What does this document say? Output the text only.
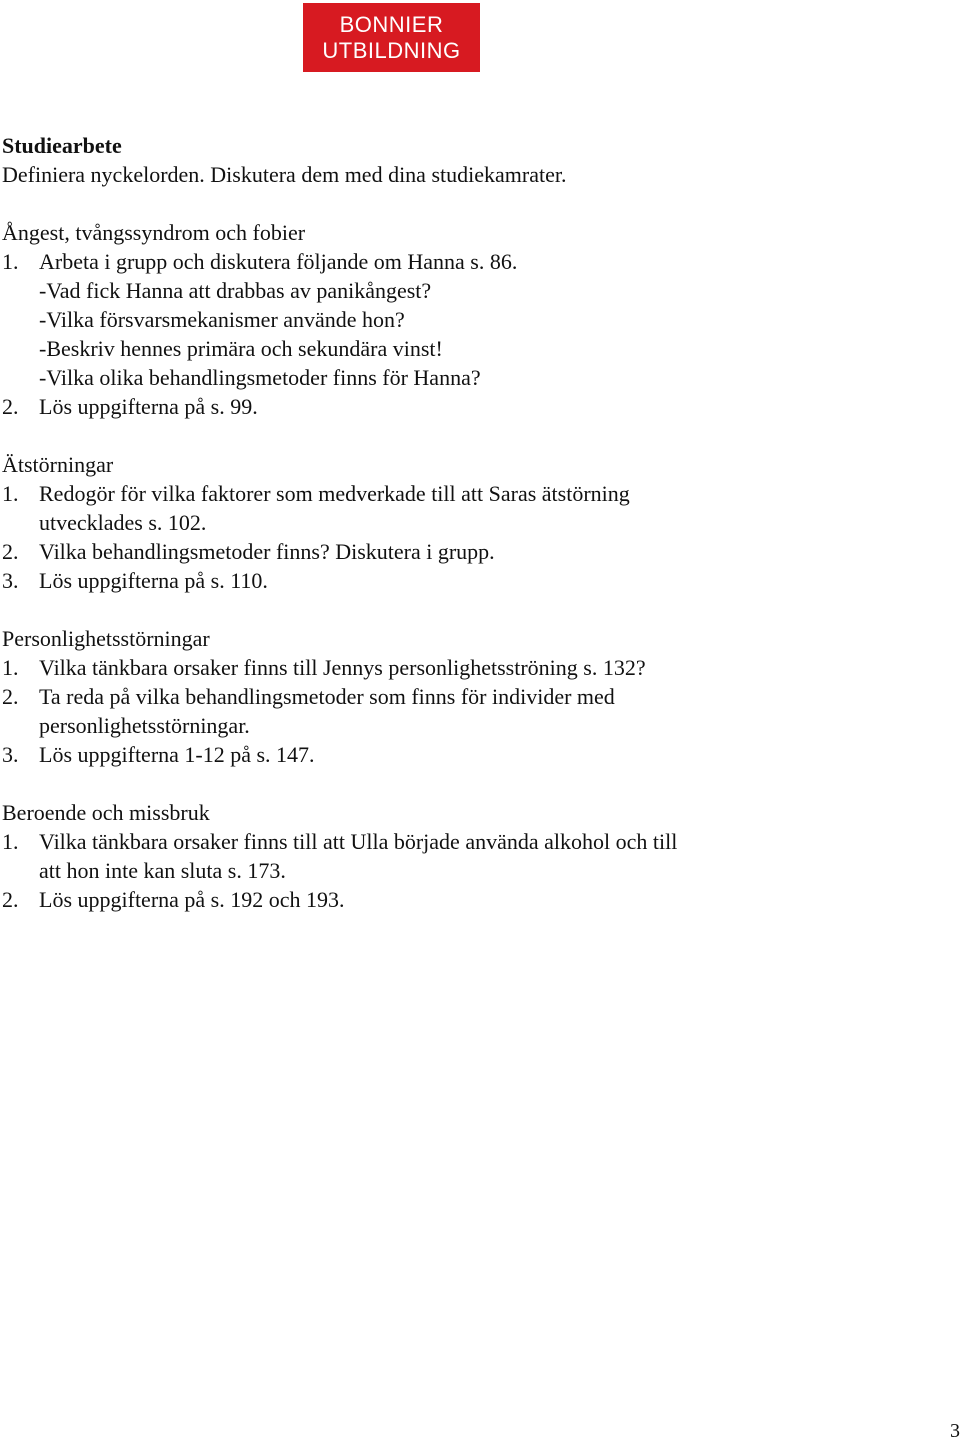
BONNIER
UTBILDNING
Studiearbete
Definiera nyckelorden. Diskutera dem med dina studiekamrater.
Ångest, tvångssyndrom och fobier
1. Arbeta i grupp och diskutera följande om Hanna s. 86.
-Vad fick Hanna att drabbas av panikångest?
-Vilka försvarsmekanismer använde hon?
-Beskriv hennes primära och sekundära vinst!
-Vilka olika behandlingsmetoder finns för Hanna?
2. Lös uppgifterna på s. 99.
Ätstörningar
1. Redogör för vilka faktorer som medverkade till att Saras ätstörning
utvecklades s. 102.
2. Vilka behandlingsmetoder finns? Diskutera i grupp.
3. Lös uppgifterna på s. 110.
Personlighetsstörningar
1. Vilka tänkbara orsaker finns till Jennys personlighetsströning s. 132?
2. Ta reda på vilka behandlingsmetoder som finns för individer med
personlighetsstörningar.
3. Lös uppgifterna 1-12 på s. 147.
Beroende och missbruk
1. Vilka tänkbara orsaker finns till att Ulla började använda alkohol och till
att hon inte kan sluta s. 173.
2. Lös uppgifterna på s. 192 och 193.
3
